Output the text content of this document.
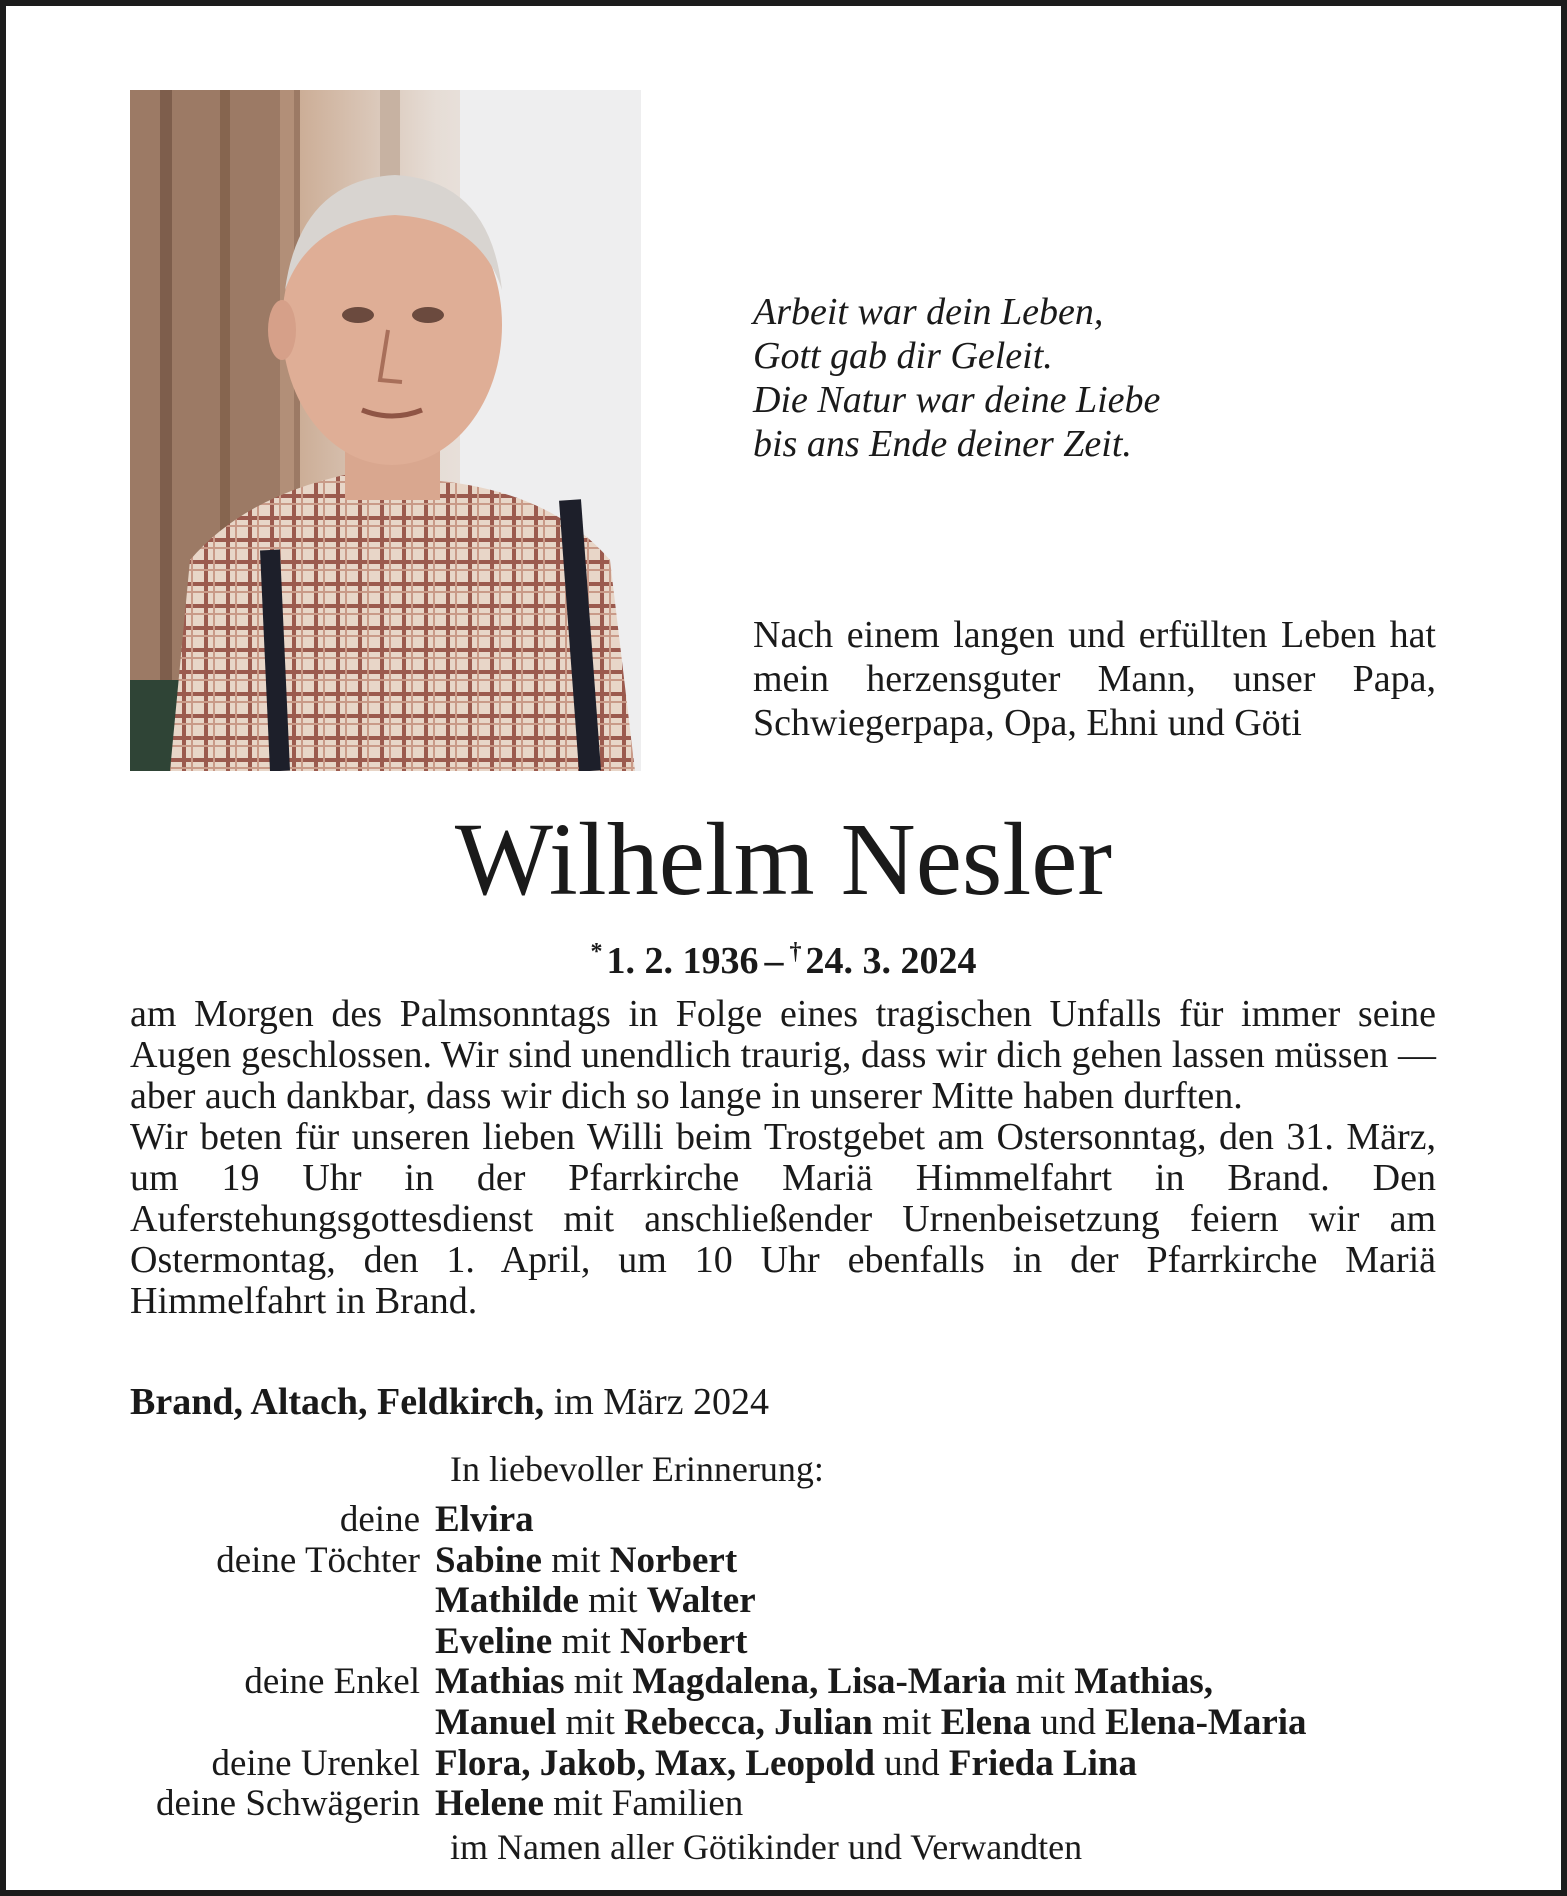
Arbeit war dein Leben,
Gott gab dir Geleit.
Die Natur war deine Liebe
bis ans Ende deiner Zeit.

Nach einem langen und erfüllten Leben hat mein herzensguter Mann, unser Papa, Schwiegerpapa, Opa, Ehni und Göti

Wilhelm Nesler
* 1. 2. 1936 – † 24. 3. 2024

am Morgen des Palmsonntags in Folge eines tragischen Unfalls für immer seine Augen geschlossen. Wir sind unendlich traurig, dass wir dich gehen lassen müssen —aber auch dankbar, dass wir dich so lange in unserer Mitte haben durften.

Wir beten für unseren lieben Willi beim Trostgebet am Ostersonntag, den 31. März, um 19 Uhr in der Pfarrkirche Mariä Himmelfahrt in Brand. Den Auferstehungsgottesdienst mit anschließender Urnenbeisetzung feiern wir am Ostermontag, den 1. April, um 10 Uhr ebenfalls in der Pfarrkirche Mariä Himmelfahrt in Brand.

Brand, Altach, Feldkirch, im März 2024
In liebevoller Erinnerung:
deine Elvira
deine Töchter Sabine mit Norbert
Mathilde mit Walter
Eveline mit Norbert
deine Enkel Mathias mit Magdalena, Lisa-Maria mit Mathias,
Manuel mit Rebecca, Julian mit Elena und Elena-Maria
deine Urenkel Flora, Jakob, Max, Leopold und Frieda Lina
deine Schwägerin Helene mit Familien
im Namen aller Götikinder und Verwandten
